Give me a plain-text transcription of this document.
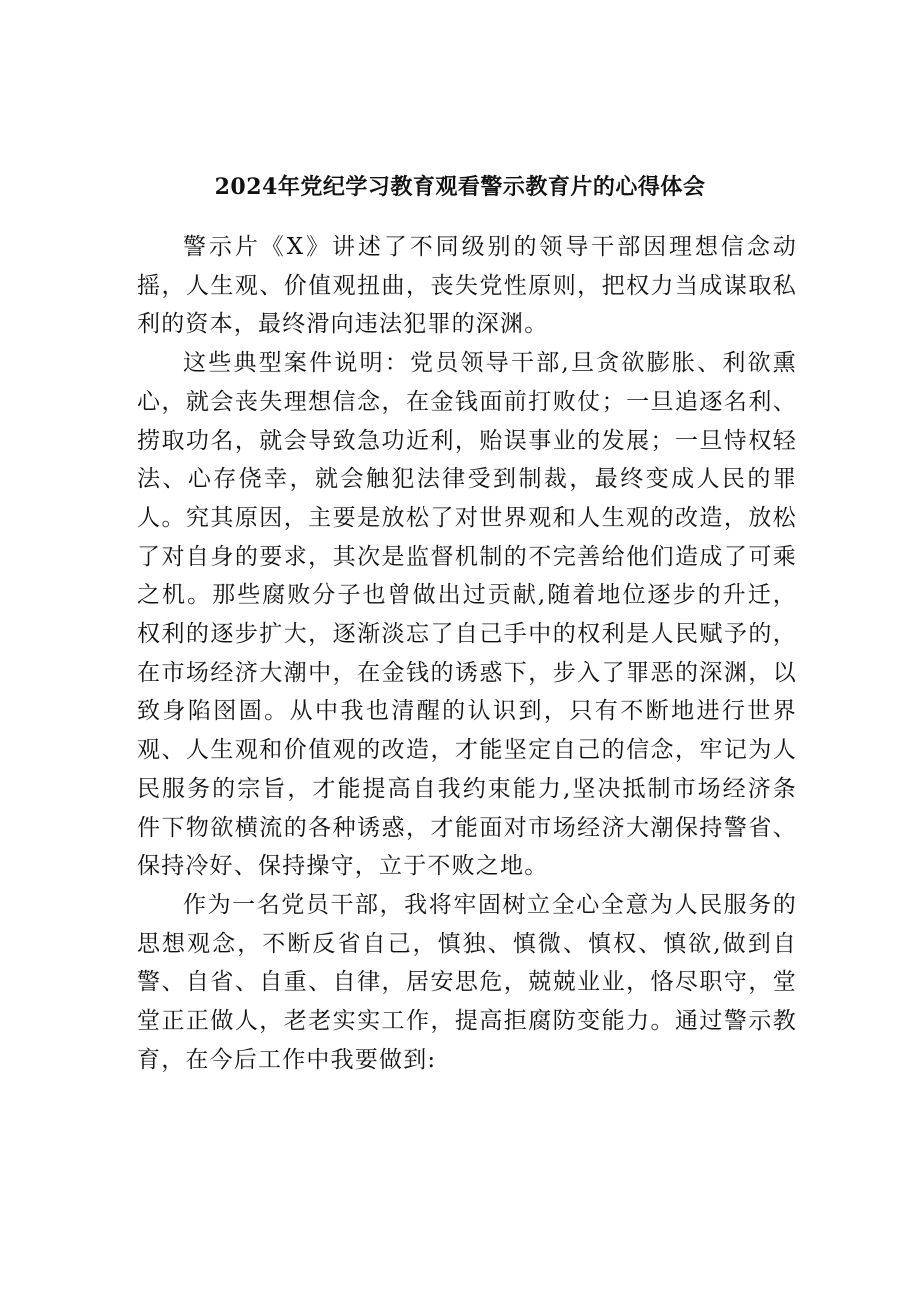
2024年党纪学习教育观看警示教育片的心得体会

警示片《X》讲述了不同级别的领导干部因理想信念动摇，人生观、价值观扭曲，丧失党性原则，把权力当成谋取私利的资本，最终滑向违法犯罪的深渊。

这些典型案件说明：党员领导干部,旦贪欲膨胀、利欲熏心，就会丧失理想信念，在金钱面前打败仗；一旦追逐名利、捞取功名，就会导致急功近利，贻误事业的发展；一旦恃权轻法、心存侥幸，就会触犯法律受到制裁，最终变成人民的罪人。究其原因，主要是放松了对世界观和人生观的改造，放松了对自身的要求，其次是监督机制的不完善给他们造成了可乘之机。那些腐败分子也曾做出过贡献,随着地位逐步的升迁，权利的逐步扩大，逐渐淡忘了自己手中的权利是人民赋予的，在市场经济大潮中，在金钱的诱惑下，步入了罪恶的深渊，以致身陷囹圄。从中我也清醒的认识到，只有不断地进行世界观、人生观和价值观的改造，才能坚定自己的信念，牢记为人民服务的宗旨，才能提高自我约束能力,坚决抵制市场经济条件下物欲横流的各种诱惑，才能面对市场经济大潮保持警省、保持冷好、保持操守，立于不败之地。

作为一名党员干部，我将牢固树立全心全意为人民服务的思想观念，不断反省自己，慎独、慎微、慎权、慎欲,做到自警、自省、自重、自律，居安思危，兢兢业业，恪尽职守，堂堂正正做人，老老实实工作，提高拒腐防变能力。通过警示教育，在今后工作中我要做到:
